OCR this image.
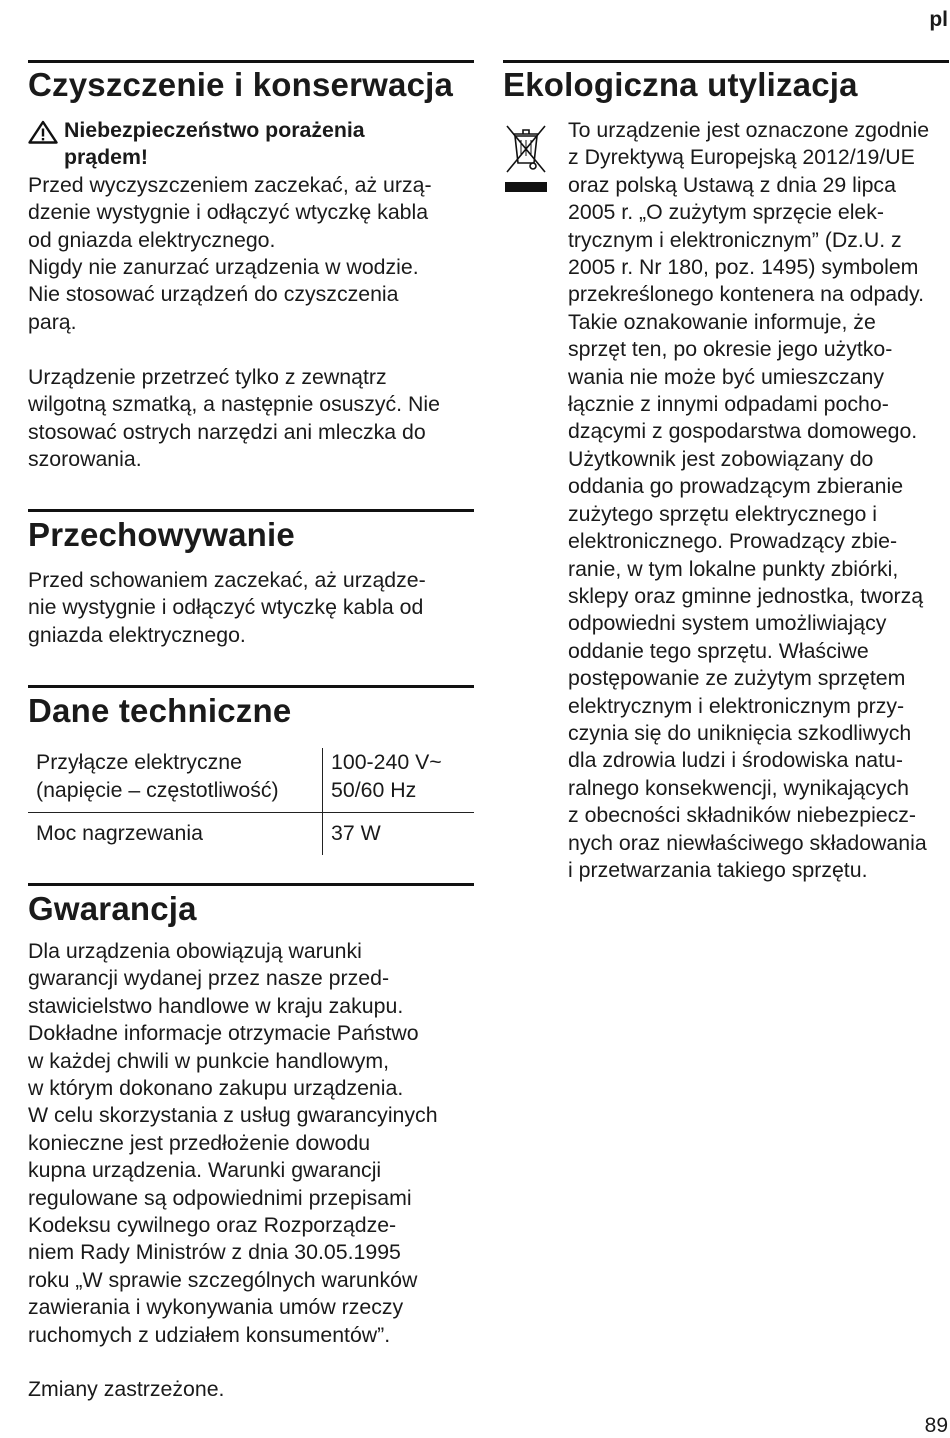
pl
Czyszczenie i konserwacja
Niebezpieczeństwo porażenia
prądem!

Przed wyczyszczeniem zaczekać, aż urzą-
dzenie wystygnie i odłączyć wtyczkę kabla
od gniazda elektrycznego.
Nigdy nie zanurzać urządzenia w wodzie.
Nie stosować urządzeń do czyszczenia
parą.

Urządzenie przetrzeć tylko z zewnątrz
wilgotną szmatką, a następnie osuszyć. Nie
stosować ostrych narzędzi ani mleczka do
szorowania.

Przechowywanie

Przed schowaniem zaczekać, aż urządze-
nie wystygnie i odłączyć wtyczkę kabla od
gniazda elektrycznego.

Dane techniczne
Przyłącze elektryczne
(napięcie – częstotliwość)	100-240 V~
50/60 Hz
Moc nagrzewania	37 W
Gwarancja

Dla urządzenia obowiązują warunki
gwarancji wydanej przez nasze przed-
stawicielstwo handlowe w kraju zakupu.
Dokładne informacje otrzymacie Państwo
w każdej chwili w punkcie handlowym,
w którym dokonano zakupu urządzenia.
W celu skorzystania z usług gwarancyinych
konieczne jest przedłożenie dowodu
kupna urządzenia. Warunki gwarancji
regulowane są odpowiednimi przepisami
Kodeksu cywilnego oraz Rozporządze-
niem Rady Ministrów z dnia 30.05.1995
roku „W sprawie szczególnych warunków
zawierania i wykonywania umów rzeczy
ruchomych z udziałem konsumentów”.

Zmiany zastrzeżone.
Ekologiczna utylizacja

To urządzenie jest oznaczone zgodnie
z Dyrektywą Europejską 2012/19/UE
oraz polską Ustawą z dnia 29 lipca
2005 r. „O zużytym sprzęcie elek-
trycznym i elektronicznym” (Dz.U. z
2005 r. Nr 180, poz. 1495) symbolem
przekreślonego kontenera na odpady.
Takie oznakowanie informuje, że
sprzęt ten, po okresie jego użytko-
wania nie może być umieszczany
łącznie z innymi odpadami pocho-
dzącymi z gospodarstwa domowego.
Użytkownik jest zobowiązany do
oddania go prowadzącym zbieranie
zużytego sprzętu elektrycznego i
elektronicznego. Prowadzący zbie-
ranie, w tym lokalne punkty zbiórki,
sklepy oraz gminne jednostka, tworzą
odpowiedni system umożliwiający
oddanie tego sprzętu. Właściwe
postępowanie ze zużytym sprzętem
elektrycznym i elektronicznym przy-
czynia się do uniknięcia szkodliwych
dla zdrowia ludzi i środowiska natu-
ralnego konsekwencji, wynikających
z obecności składników niebezpiecz-
nych oraz niewłaściwego składowania
i przetwarzania takiego sprzętu.

89
